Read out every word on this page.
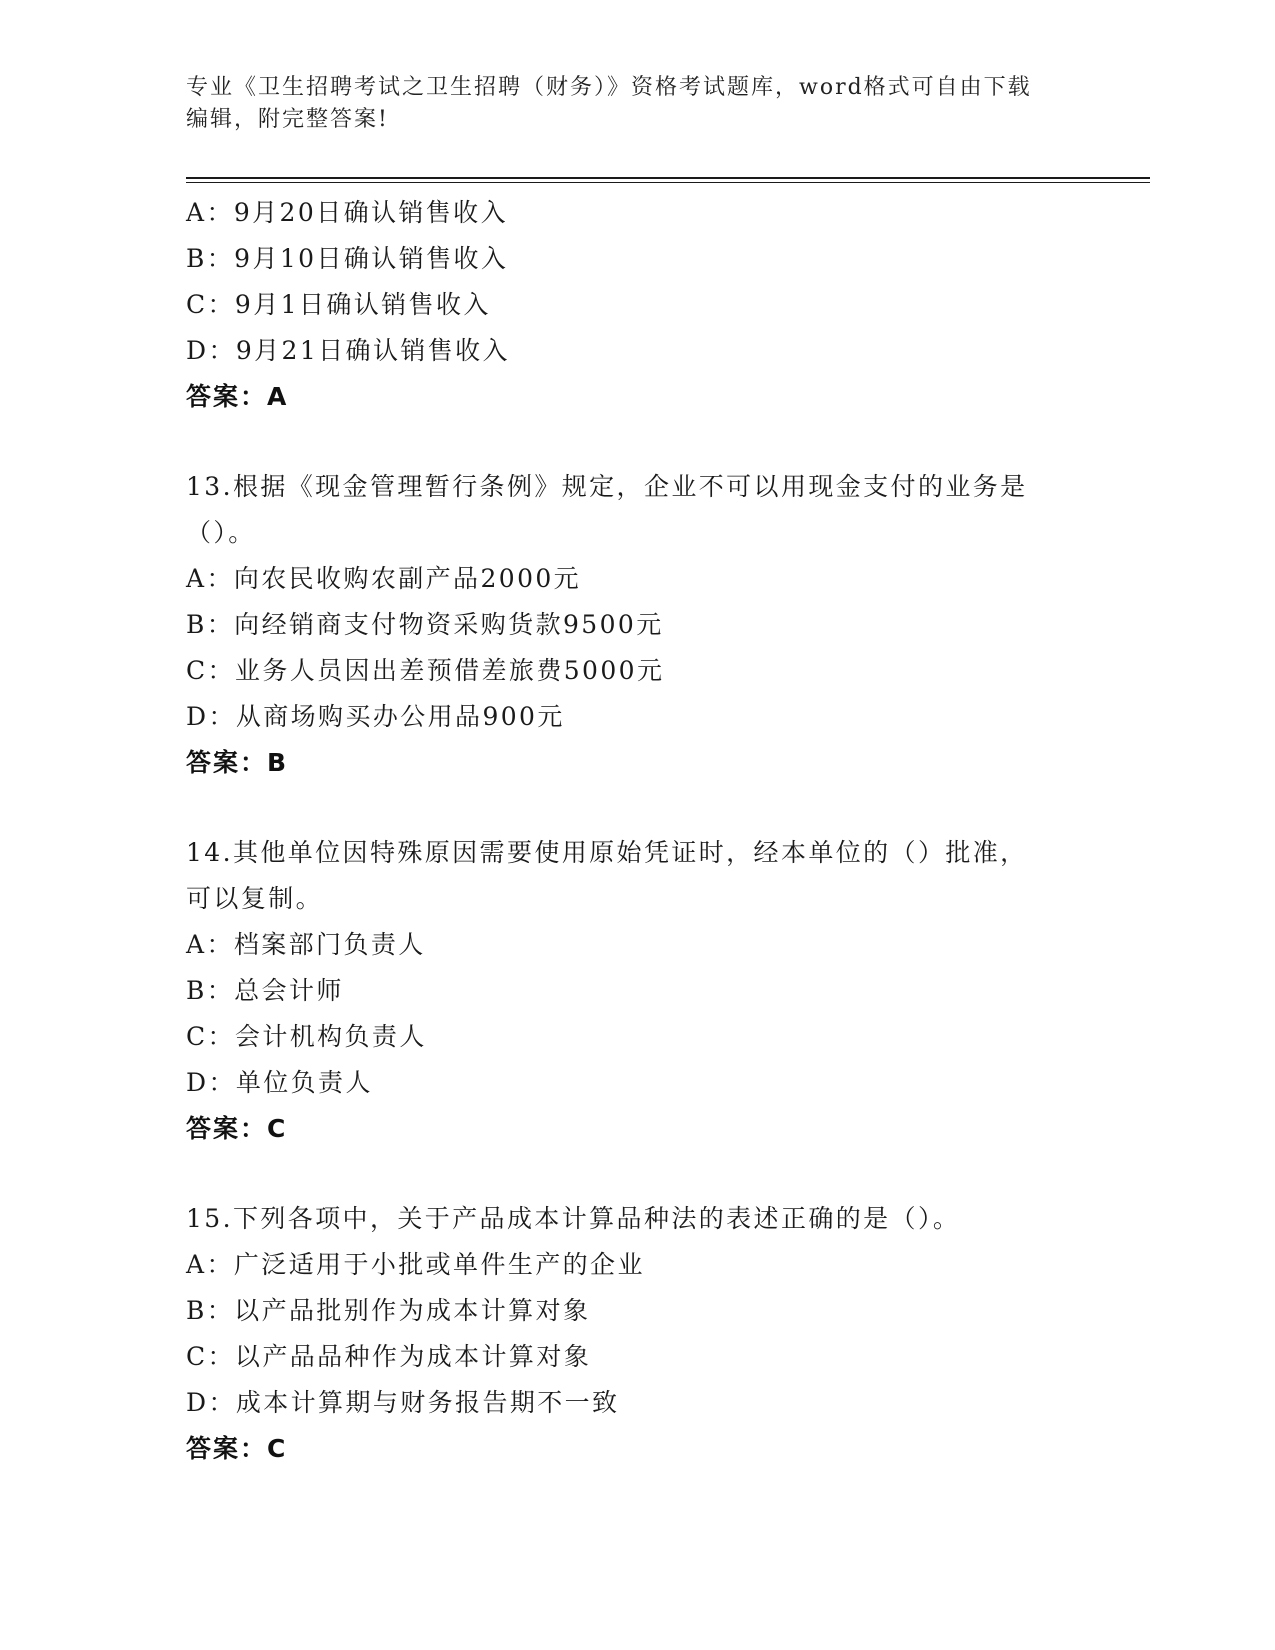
专业《卫生招聘考试之卫生招聘（财务）》资格考试题库，word格式可自由下载
编辑，附完整答案!
A：9月20日确认销售收入
B：9月10日确认销售收入
C：9月1日确认销售收入
D：9月21日确认销售收入
答案：A
13.根据《现金管理暂行条例》规定，企业不可以用现金支付的业务是
（）。
A：向农民收购农副产品2000元
B：向经销商支付物资采购货款9500元
C：业务人员因出差预借差旅费5000元
D：从商场购买办公用品900元
答案：B
14.其他单位因特殊原因需要使用原始凭证时，经本单位的（）批准，
可以复制。
A：档案部门负责人
B：总会计师
C：会计机构负责人
D：单位负责人
答案：C
15.下列各项中，关于产品成本计算品种法的表述正确的是（）。
A：广泛适用于小批或单件生产的企业
B：以产品批别作为成本计算对象
C：以产品品种作为成本计算对象
D：成本计算期与财务报告期不一致
答案：C
